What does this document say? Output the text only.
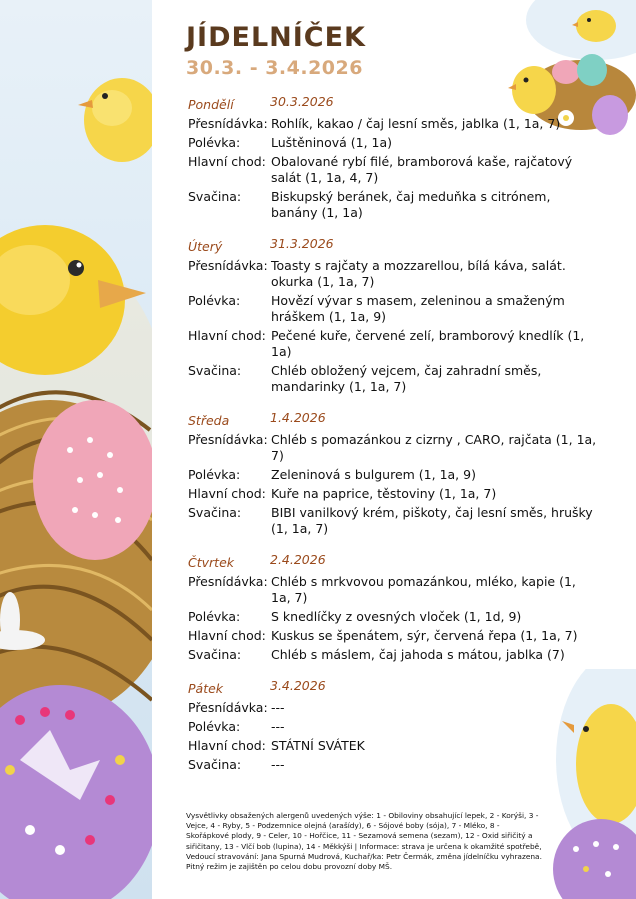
JÍDELNÍČEK
30.3. - 3.4.2026
Pondělí	30.3.2026
Přesnídávka: Rohlík, kakao / čaj lesní směs, jablka (1, 1a, 7)
Polévka:	Luštěninová (1, 1a)
Hlavní chod: Obalované rybí filé, bramborová kaše, rajčatový salát (1, 1a, 4, 7)
Svačina:	Biskupský beránek, čaj meduňka s citrónem, banány (1, 1a)
Úterý	31.3.2026
Přesnídávka: Toasty s rajčaty a mozzarellou, bílá káva, salát. okurka (1, 1a, 7)
Polévka:	Hovězí vývar s masem, zeleninou a smaženým hráškem (1, 1a, 9)
Hlavní chod: Pečené kuře, červené zelí, bramborový knedlík (1, 1a)
Svačina:	Chléb obložený vejcem, čaj zahradní směs, mandarinky (1, 1a, 7)
Středa	1.4.2026
Přesnídávka: Chléb s pomazánkou z cizrny , CARO, rajčata (1, 1a, 7)
Polévka:	Zeleninová s bulgurem (1, 1a, 9)
Hlavní chod: Kuře na paprice, těstoviny (1, 1a, 7)
Svačina:	BIBI vanilkový krém, piškoty, čaj lesní směs, hrušky (1, 1a, 7)
Čtvrtek	2.4.2026
Přesnídávka: Chléb s mrkvovou pomazánkou, mléko, kapie (1, 1a, 7)
Polévka:	S knedlíčky z ovesných vloček (1, 1d, 9)
Hlavní chod: Kuskus se špenátem, sýr, červená řepa (1, 1a, 7)
Svačina:	Chléb s máslem, čaj jahoda s mátou, jablka (7)
Pátek	3.4.2026
Přesnídávka: ---
Polévka:	---
Hlavní chod: STÁTNÍ SVÁTEK
Svačina:	---
Vysvětlivky obsažených alergenů uvedených výše: 1 - Obiloviny obsahující lepek, 2 - Korýši, 3 - Vejce, 4 - Ryby, 5 - Podzemnice olejná (arašídy), 6 - Sójové boby (sója), 7 - Mléko, 8 - Skořápkové plody, 9 - Celer, 10 - Hořčice, 11 - Sezamová semena (sezam), 12 - Oxid siřičitý a siřičitany, 13 - Vlčí bob (lupina), 14 - Měkkýši | Informace: strava je určena k okamžité spotřebě, Vedoucí stravování: Jana Spurná Mudrová, Kuchař/ka: Petr Čermák, změna jídelníčku vyhrazena. Pitný režim je zajištěn po celou dobu provozní doby MŠ.
